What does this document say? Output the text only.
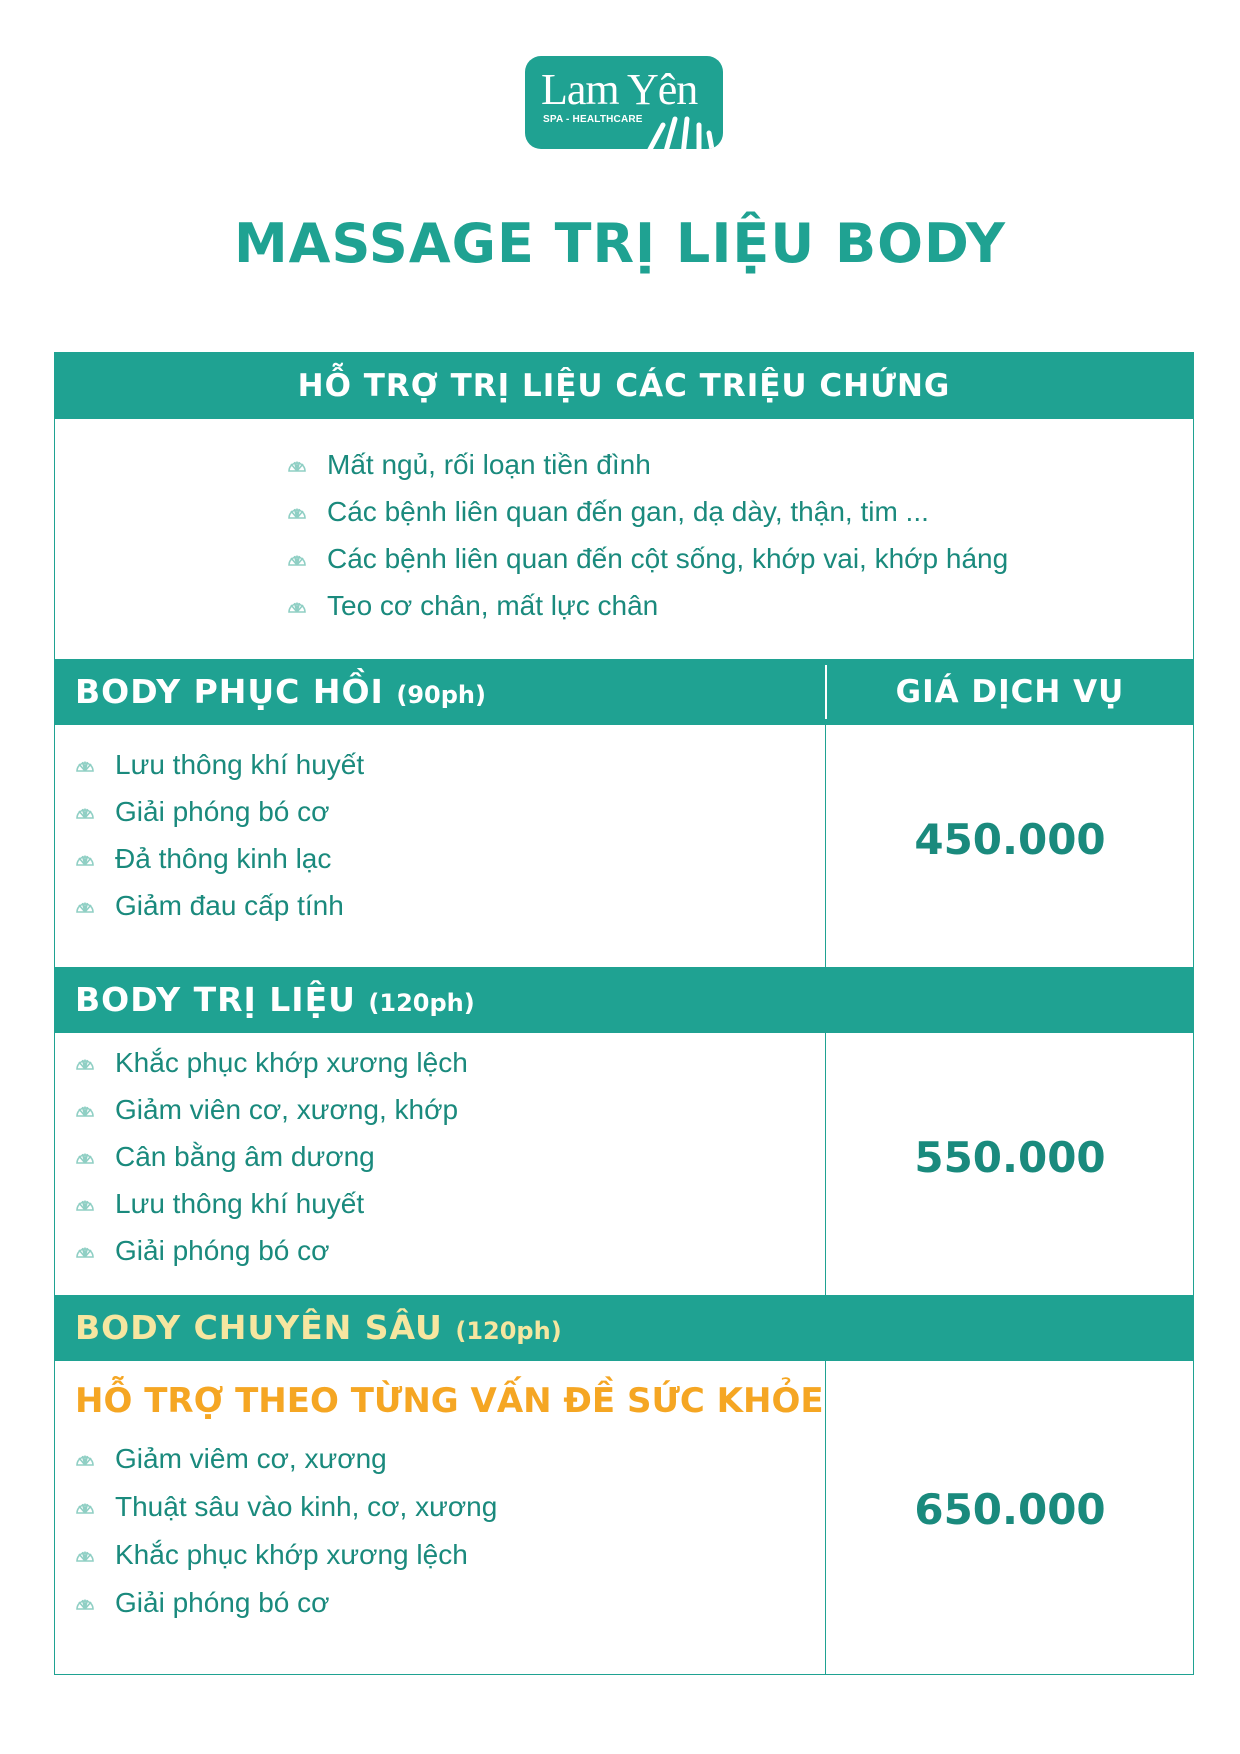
Lam Yên
SPA - HEALTHCARE
MASSAGE TRỊ LIỆU BODY
HỖ TRỢ TRỊ LIỆU CÁC TRIỆU CHỨNG
Mất ngủ, rối loạn tiền đình
Các bệnh liên quan đến gan, dạ dày, thận, tim ...
Các bệnh liên quan đến cột sống, khớp vai, khớp háng
Teo cơ chân, mất lực chân
BODY PHỤC HỒI (90ph)	GIÁ DỊCH VỤ
Lưu thông khí huyết
Giải phóng bó cơ
Đả thông kinh lạc
Giảm đau cấp tính
450.000
BODY TRỊ LIỆU (120ph)
Khắc phục khớp xương lệch
Giảm viên cơ, xương, khớp
Cân bằng âm dương
Lưu thông khí huyết
Giải phóng bó cơ
550.000
BODY CHUYÊN SÂU (120ph)
HỖ TRỢ THEO TỪNG VẤN ĐỀ SỨC KHỎE
Giảm viêm cơ, xương
Thuật sâu vào kinh, cơ, xương
Khắc phục khớp xương lệch
Giải phóng bó cơ
650.000
